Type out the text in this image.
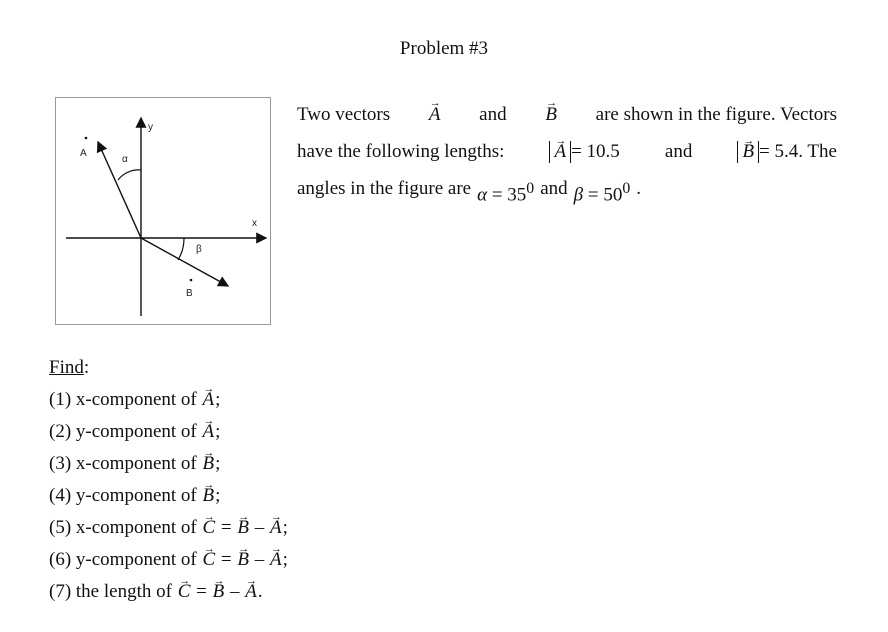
Problem #3
y
x
A
B
α
β
Two vectors → A and → B are shown in the figure. Vectors
have the following lengths:	→ A = 10.5 and	→ B = 5.4. The
angles in the figure are $\alpha = 35^0$ and $\beta = 50^0$ .
Find:
(1) x-component of → A;
(2) y-component of → A;
(3) x-component of → B;
(4) y-component of → B;
(5) x-component of → C = → B – → A;
(6) y-component of → C = → B – → A;
(7) the length of → C = → B – → A.
